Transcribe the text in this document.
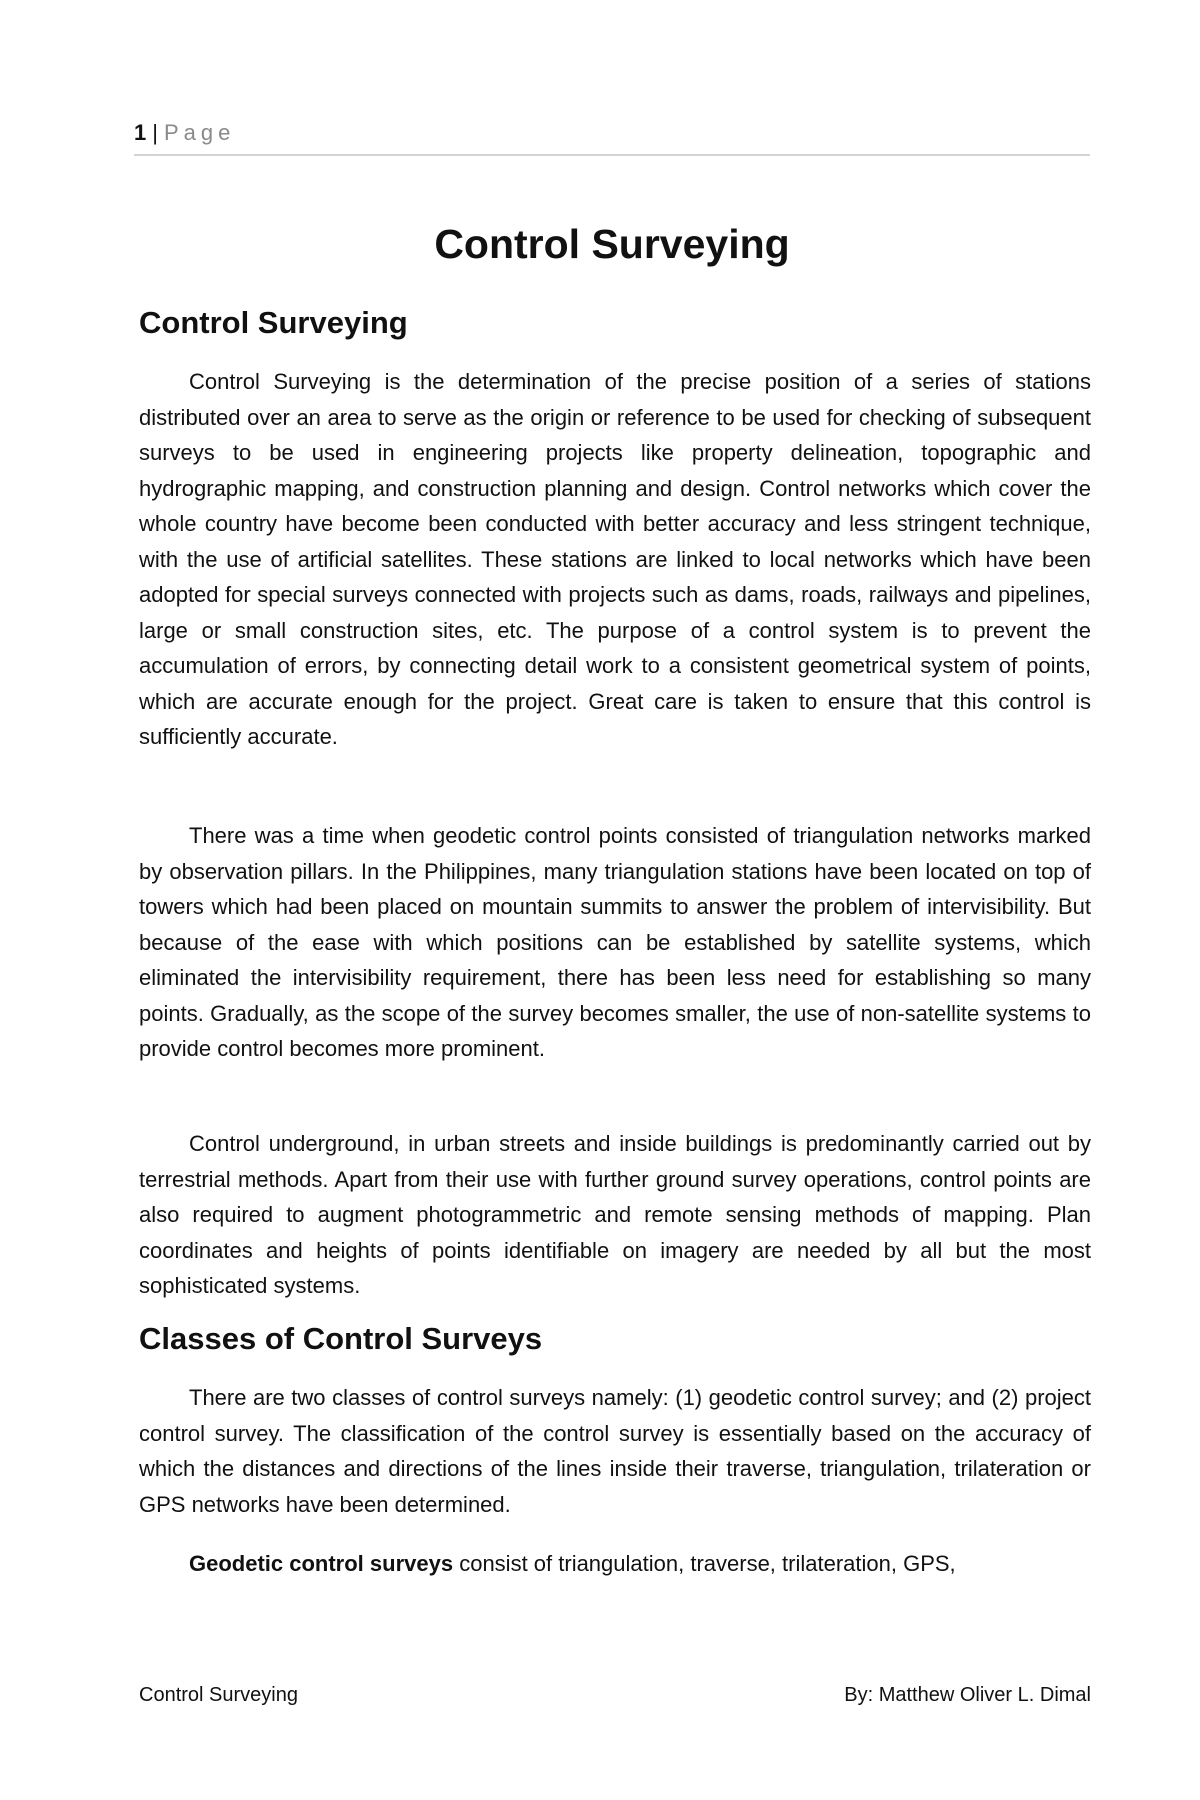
1 | Page
Control Surveying
Control Surveying

Control Surveying is the determination of the precise position of a series of stations distributed over an area to serve as the origin or reference to be used for checking of subsequent surveys to be used in engineering projects like property delineation, topographic and hydrographic mapping, and construction planning and design. Control networks which cover the whole country have become been conducted with better accuracy and less stringent technique, with the use of artificial satellites. These stations are linked to local networks which have been adopted for special surveys connected with projects such as dams, roads, railways and pipelines, large or small construction sites, etc. The purpose of a control system is to prevent the accumulation of errors, by connecting detail work to a consistent geometrical system of points, which are accurate enough for the project. Great care is taken to ensure that this control is sufficiently accurate.

There was a time when geodetic control points consisted of triangulation networks marked by observation pillars. In the Philippines, many triangulation stations have been located on top of towers which had been placed on mountain summits to answer the problem of intervisibility. But because of the ease with which positions can be established by satellite systems, which eliminated the intervisibility requirement, there has been less need for establishing so many points. Gradually, as the scope of the survey becomes smaller, the use of non-satellite systems to provide control becomes more prominent.

Control underground, in urban streets and inside buildings is predominantly carried out by terrestrial methods. Apart from their use with further ground survey operations, control points are also required to augment photogrammetric and remote sensing methods of mapping. Plan coordinates and heights of points identifiable on imagery are needed by all but the most sophisticated systems.

Classes of Control Surveys

There are two classes of control surveys namely: (1) geodetic control survey; and (2) project control survey. The classification of the control survey is essentially based on the accuracy of which the distances and directions of the lines inside their traverse, triangulation, trilateration or GPS networks have been determined.

Geodetic control surveys consist of triangulation, traverse, trilateration, GPS,

Control Surveying	By: Matthew Oliver L. Dimal
